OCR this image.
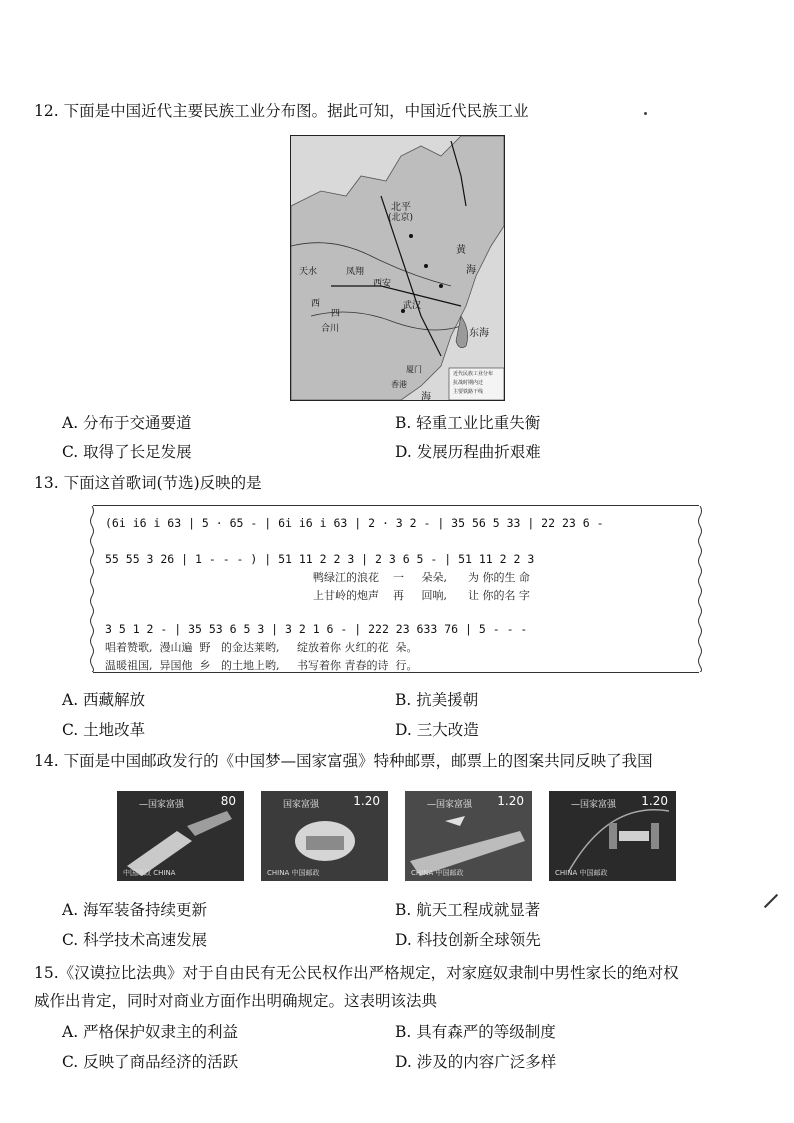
12. 下面是中国近代主要民族工业分布图。据此可知，中国近代民族工业
北平
(北京)
西安
武汉
天水	凤翔
西
四
合川
厦门
香港
黄
海
东海
海
近代民族工业分布
抗战时期内迁
主要铁路干线
A. 分布于交通要道	B. 轻重工业比重失衡
C. 取得了长足发展	D. 发展历程曲折艰难
13. 下面这首歌词(节选)反映的是
(6i i6 i 63 | 5 · 65 - | 6i i6 i 63 | 2 · 3 2 - | 35 56 5 33 | 22 23 6 -
55 55 3 26 | 1 - - - ) | 51 11 2 2 3 | 2 3 6 5 - | 51 11 2 2 3
鸭绿江的浪花    一     朵朵,      为 你的生 命
上甘岭的炮声    再     回响,      让 你的名 字
3 5 1 2 - | 35 53 6 5 3 | 3 2 1 6 - | 222 23 633 76 | 5 - - -
唱着赞歌,  漫山遍  野   的金达莱哟,     绽放着你 火红的花  朵。
温暖祖国,  异国他  乡   的土地上哟,     书写着你 青春的诗  行。
A. 西藏解放	B. 抗美援朝
C. 土地改革	D. 三大改造
14. 下面是中国邮政发行的《中国梦—国家富强》特种邮票，邮票上的图案共同反映了我国
—国家富强	80
中国邮政 CHINA
国家富强	1.20
CHINA 中国邮政
—国家富强 1.20
CHINA 中国邮政
—国家富强 1.20
CHINA 中国邮政
A. 海军装备持续更新	B. 航天工程成就显著
C. 科学技术高速发展	D. 科技创新全球领先
15.《汉谟拉比法典》对于自由民有无公民权作出严格规定，对家庭奴隶制中男性家长的绝对权
威作出肯定，同时对商业方面作出明确规定。这表明该法典
A. 严格保护奴隶主的利益	B. 具有森严的等级制度
C. 反映了商品经济的活跃	D. 涉及的内容广泛多样
